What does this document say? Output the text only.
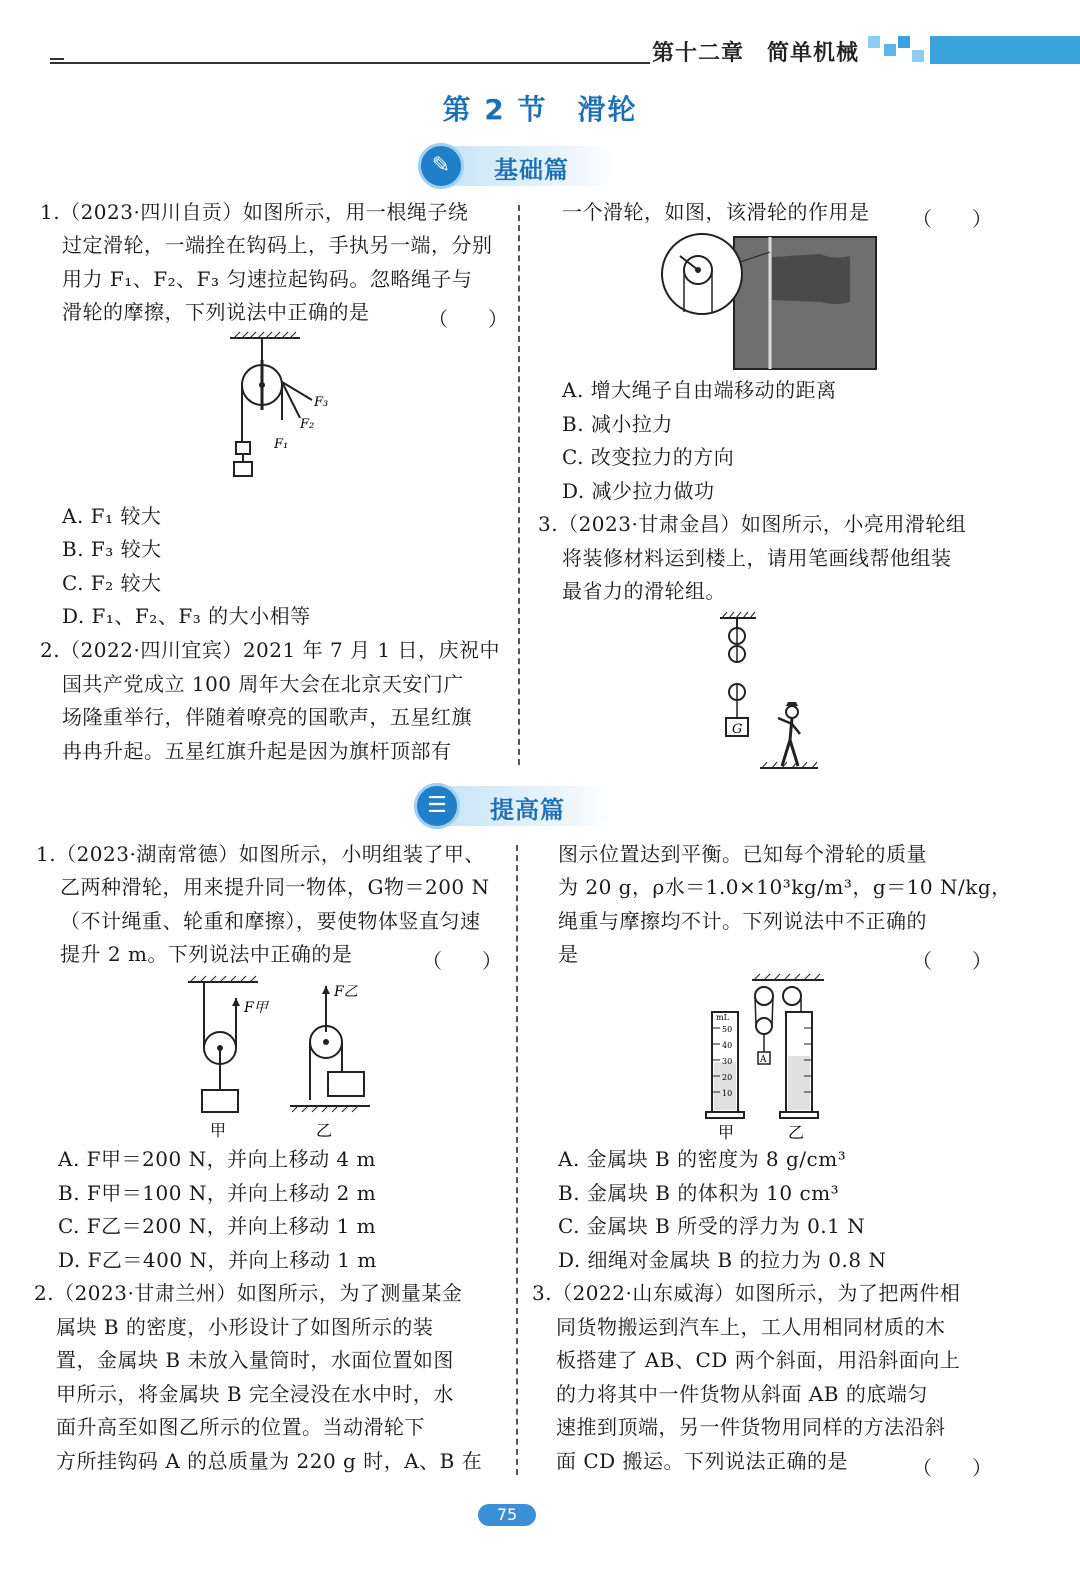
第十二章　简单机械
第 2 节　滑轮
✎	基础篇
1.（2023·四川自贡）如图所示，用一根绳子绕
过定滑轮，一端拴在钩码上，手执另一端，分别
用力 F₁、F₂、F₃ 匀速拉起钩码。忽略绳子与
滑轮的摩擦，下列说法中正确的是	（　　）
F₃
F₂
F₁
A. F₁ 较大
B. F₃ 较大
C. F₂ 较大
D. F₁、F₂、F₃ 的大小相等
2.（2022·四川宜宾）2021 年 7 月 1 日，庆祝中
国共产党成立 100 周年大会在北京天安门广
场隆重举行，伴随着嘹亮的国歌声，五星红旗
冉冉升起。五星红旗升起是因为旗杆顶部有
一个滑轮，如图，该滑轮的作用是 （　　）
A. 增大绳子自由端移动的距离
B. 减小拉力
C. 改变拉力的方向
D. 减少拉力做功
3.（2023·甘肃金昌）如图所示，小亮用滑轮组
将装修材料运到楼上，请用笔画线帮他组装
最省力的滑轮组。
G
☰	提高篇
1.（2023·湖南常德）如图所示，小明组装了甲、
乙两种滑轮，用来提升同一物体，G物＝200 N
（不计绳重、轮重和摩擦），要使物体竖直匀速
提升 2 m。下列说法中正确的是	（　　）
F甲
F乙
甲	乙
A. F甲＝200 N，并向上移动 4 m
B. F甲＝100 N，并向上移动 2 m
C. F乙＝200 N，并向上移动 1 m
D. F乙＝400 N，并向上移动 1 m
2.（2023·甘肃兰州）如图所示，为了测量某金
属块 B 的密度，小形设计了如图所示的装
置，金属块 B 未放入量筒时，水面位置如图
甲所示，将金属块 B 完全浸没在水中时，水
面升高至如图乙所示的位置。当动滑轮下
方所挂钩码 A 的总质量为 220 g 时，A、B 在
图示位置达到平衡。已知每个滑轮的质量
为 20 g，ρ水＝1.0×10³kg/m³，g＝10 N/kg，
绳重与摩擦均不计。下列说法中不正确的
是	（　　）
A
mL
50
40
30
20
10
甲	乙
A. 金属块 B 的密度为 8 g/cm³
B. 金属块 B 的体积为 10 cm³
C. 金属块 B 所受的浮力为 0.1 N
D. 细绳对金属块 B 的拉力为 0.8 N
3.（2022·山东威海）如图所示，为了把两件相
同货物搬运到汽车上，工人用相同材质的木
板搭建了 AB、CD 两个斜面，用沿斜面向上
的力将其中一件货物从斜面 AB 的底端匀
速推到顶端，另一件货物用同样的方法沿斜
面 CD 搬运。下列说法正确的是	（　　）
75
